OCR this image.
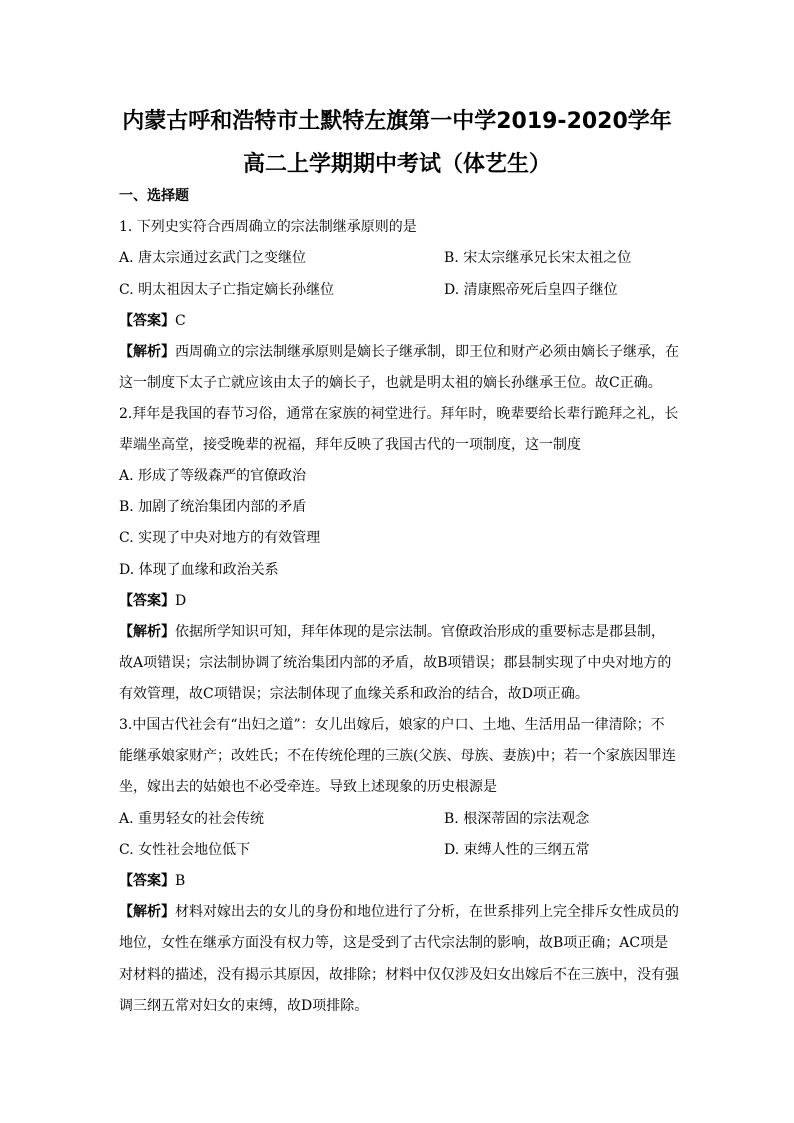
内蒙古呼和浩特市土默特左旗第一中学2019-2020学年
高二上学期期中考试（体艺生）
一、选择题
1. 下列史实符合西周确立的宗法制继承原则的是
A. 唐太宗通过玄武门之变继位	B. 宋太宗继承兄长宋太祖之位
C. 明太祖因太子亡指定嫡长孙继位	D. 清康熙帝死后皇四子继位
【答案】C
【解析】西周确立的宗法制继承原则是嫡长子继承制，即王位和财产必须由嫡长子继承，在
这一制度下太子亡就应该由太子的嫡长子，也就是明太祖的嫡长孙继承王位。故C正确。
2.拜年是我国的春节习俗，通常在家族的祠堂进行。拜年时，晚辈要给长辈行跪拜之礼，长
辈端坐高堂，接受晚辈的祝福，拜年反映了我国古代的一项制度，这一制度
A. 形成了等级森严的官僚政治
B. 加剧了统治集团内部的矛盾
C. 实现了中央对地方的有效管理
D. 体现了血缘和政治关系
【答案】D
【解析】依据所学知识可知，拜年体现的是宗法制。官僚政治形成的重要标志是郡县制，
故A项错误；宗法制协调了统治集团内部的矛盾，故B项错误；郡县制实现了中央对地方的
有效管理，故C项错误；宗法制体现了血缘关系和政治的结合，故D项正确。
3.中国古代社会有“出妇之道”：女儿出嫁后，娘家的户口、土地、生活用品一律清除；不
能继承娘家财产；改姓氏；不在传统伦理的三族(父族、母族、妻族)中；若一个家族因罪连
坐，嫁出去的姑娘也不必受牵连。导致上述现象的历史根源是
A. 重男轻女的社会传统	B. 根深蒂固的宗法观念
C. 女性社会地位低下	D. 束缚人性的三纲五常
【答案】B
【解析】材料对嫁出去的女儿的身份和地位进行了分析，在世系排列上完全排斥女性成员的
地位，女性在继承方面没有权力等，这是受到了古代宗法制的影响，故B项正确；AC项是
对材料的描述，没有揭示其原因，故排除；材料中仅仅涉及妇女出嫁后不在三族中，没有强
调三纲五常对妇女的束缚，故D项排除。
